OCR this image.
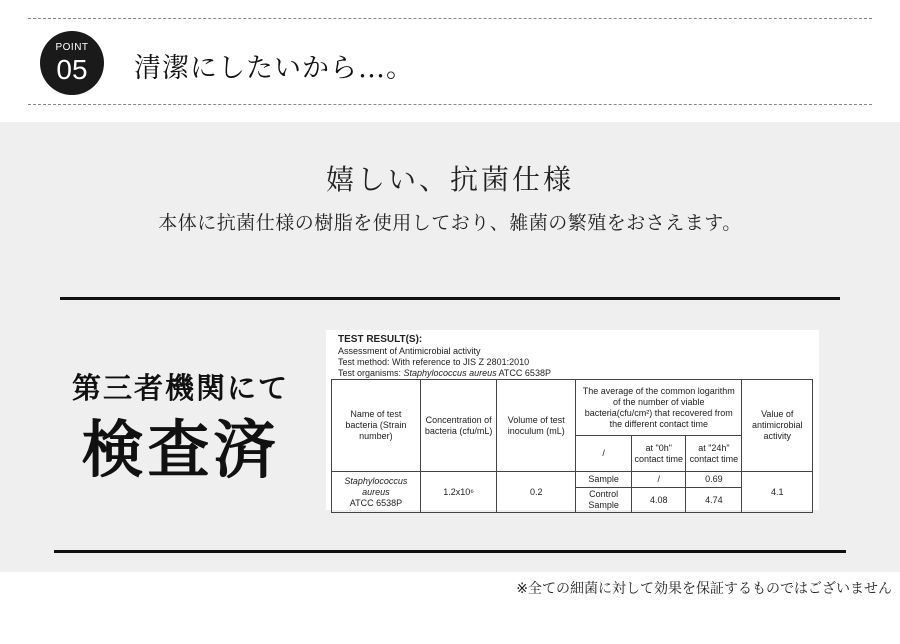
POINT
05	清潔にしたいから…。
嬉しい、抗菌仕様
本体に抗菌仕様の樹脂を使用しており、雑菌の繁殖をおさえます。
第三者機関にて
検査済
TEST RESULT(S):
Assessment of Antimicrobial activity
Test method: With reference to JIS Z 2801:2010
Test organisms: Staphylococcus aureus ATCC 6538P
Name of test bacteria (Strain number)	Concentration of bacteria (cfu/mL)	Volume of test inoculum (mL)	The average of the common logarithm of the number of viable bacteria(cfu/cm²) that recovered from the different contact time			Value of antimicrobial activity
			/	at "0h" contact time	at "24h" contact time	
Staphylococcus aureus
ATCC 6538P	1.2x10⁶	0.2	Sample	/	0.69	4.1
			Control Sample	4.08	4.74	
※全ての細菌に対して効果を保証するものではございません
